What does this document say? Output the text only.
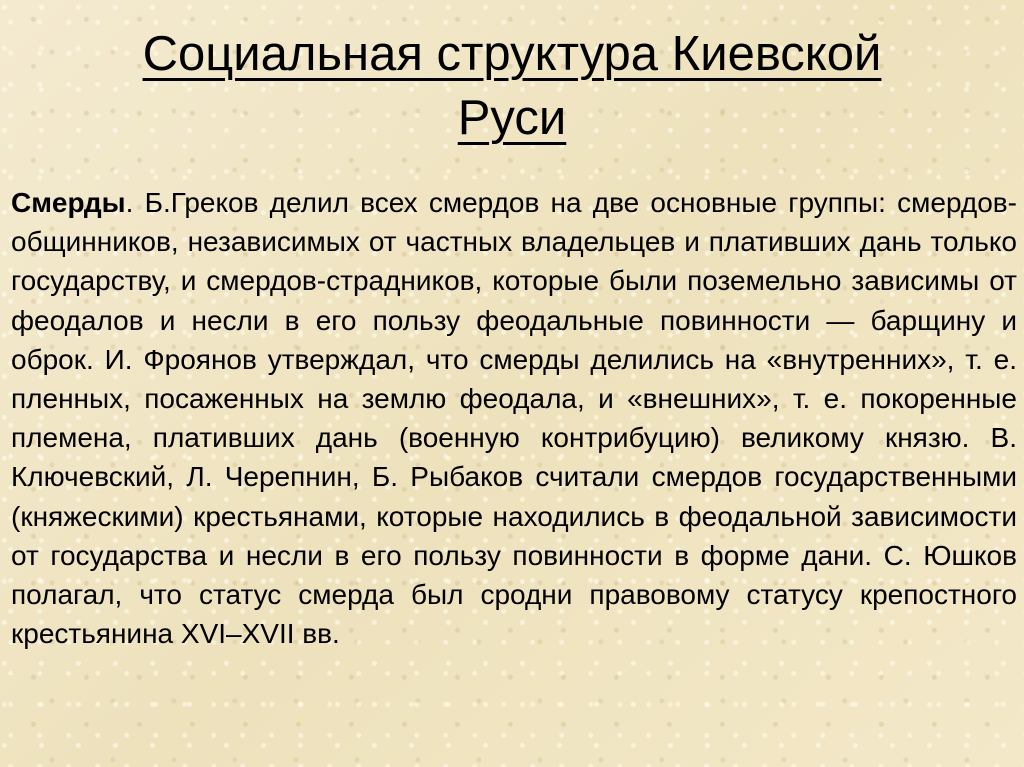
Социальная структура Киевской
Руси

Смерды. Б.Греков делил всех смердов на две основные группы: смердов-общинников, независимых от частных владельцев и плативших дань только государству, и смердов-страдников, которые были поземельно зависимы от феодалов и несли в его пользу феодальные повинности — барщину и оброк. И. Фроянов утверждал, что смерды делились на «внутренних», т. е. пленных, посаженных на землю феодала, и «внешних», т. е. покоренные племена, плативших дань (военную контрибуцию) великому князю. В. Ключевский, Л. Черепнин, Б. Рыбаков считали смердов государственными (княжескими) крестьянами, которые находились в феодальной зависимости от государства и несли в его пользу повинности в форме дани. С. Юшков полагал, что статус смерда был сродни правовому статусу крепостного крестьянина XVI–XVII вв.
